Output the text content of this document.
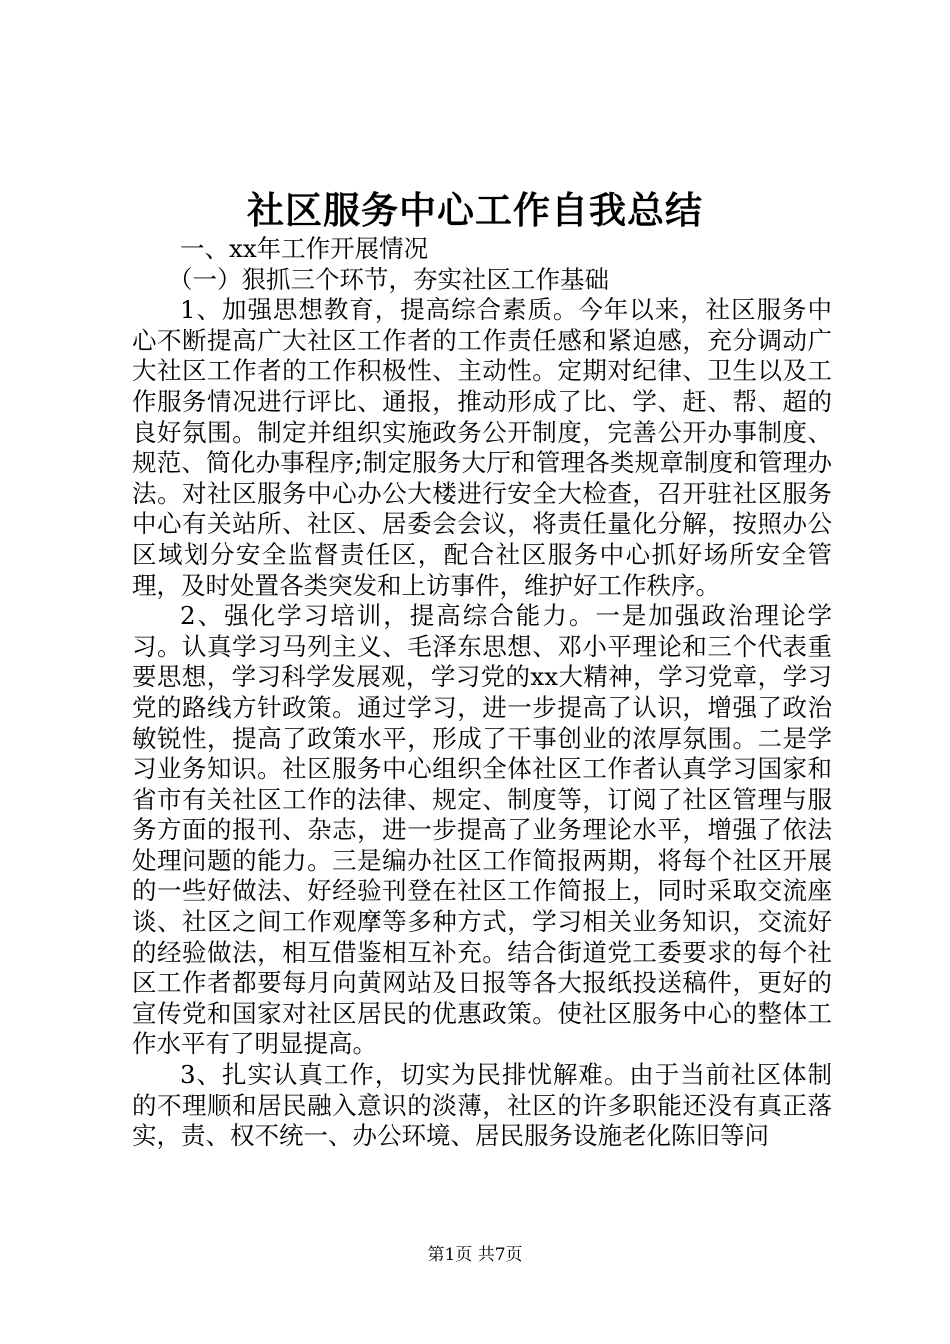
社区服务中心工作自我总结

一、xx年工作开展情况

（一）狠抓三个环节，夯实社区工作基础

1、加强思想教育，提高综合素质。今年以来，社区服务中心不断提高广大社区工作者的工作责任感和紧迫感，充分调动广大社区工作者的工作积极性、主动性。定期对纪律、卫生以及工作服务情况进行评比、通报，推动形成了比、学、赶、帮、超的良好氛围。制定并组织实施政务公开制度，完善公开办事制度、规范、简化办事程序;制定服务大厅和管理各类规章制度和管理办法。对社区服务中心办公大楼进行安全大检查，召开驻社区服务中心有关站所、社区、居委会会议，将责任量化分解，按照办公区域划分安全监督责任区，配合社区服务中心抓好场所安全管理，及时处置各类突发和上访事件，维护好工作秩序。

2、强化学习培训，提高综合能力。一是加强政治理论学习。认真学习马列主义、毛泽东思想、邓小平理论和三个代表重要思想，学习科学发展观，学习党的xx大精神，学习党章，学习党的路线方针政策。通过学习，进一步提高了认识，增强了政治敏锐性，提高了政策水平，形成了干事创业的浓厚氛围。二是学习业务知识。社区服务中心组织全体社区工作者认真学习国家和省市有关社区工作的法律、规定、制度等，订阅了社区管理与服务方面的报刊、杂志，进一步提高了业务理论水平，增强了依法处理问题的能力。三是编办社区工作简报两期，将每个社区开展的一些好做法、好经验刊登在社区工作简报上，同时采取交流座谈、社区之间工作观摩等多种方式，学习相关业务知识，交流好的经验做法，相互借鉴相互补充。结合街道党工委要求的每个社区工作者都要每月向黄网站及日报等各大报纸投送稿件，更好的宣传党和国家对社区居民的优惠政策。使社区服务中心的整体工作水平有了明显提高。

3、扎实认真工作，切实为民排忧解难。由于当前社区体制的不理顺和居民融入意识的淡薄，社区的许多职能还没有真正落实，责、权不统一、办公环境、居民服务设施老化陈旧等问

第1页 共7页
